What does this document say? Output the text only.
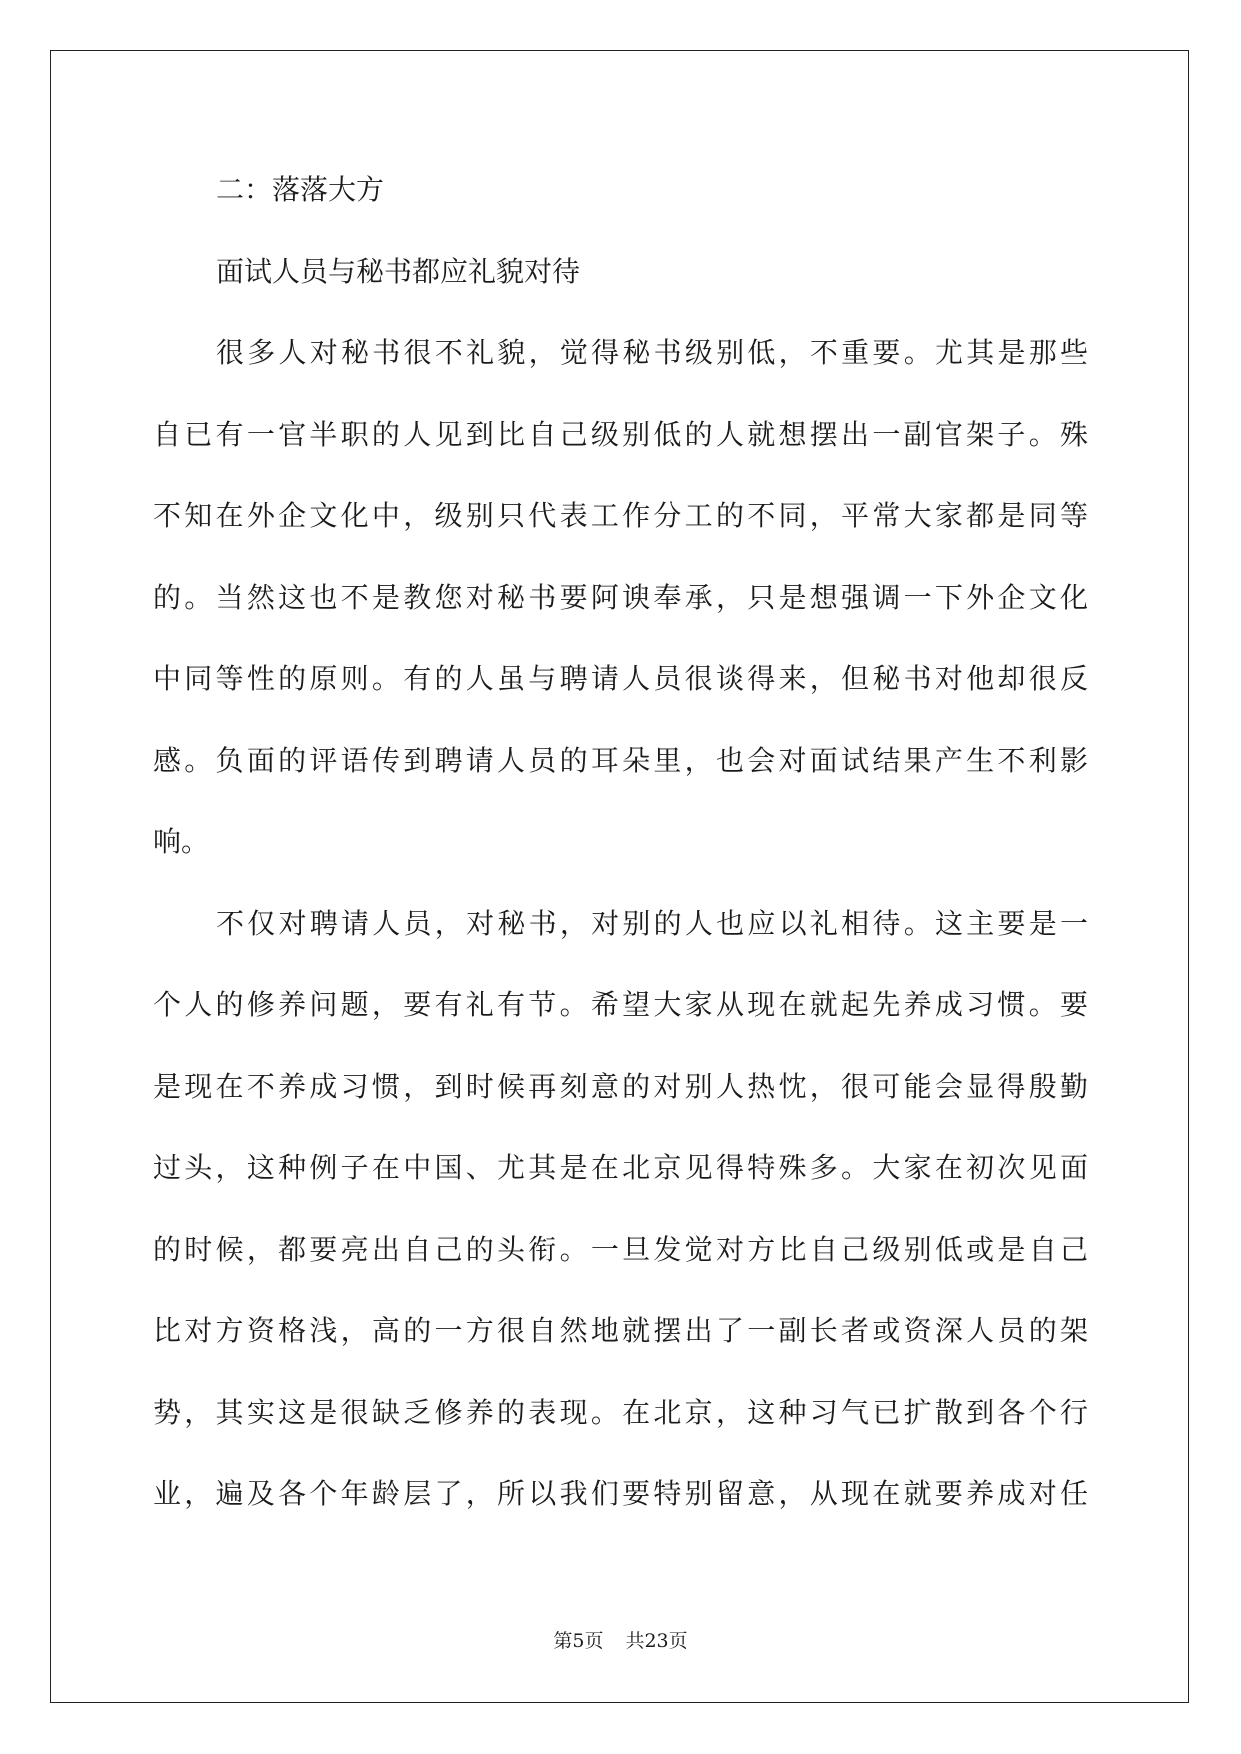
二：落落大方
面试人员与秘书都应礼貌对待
很多人对秘书很不礼貌，觉得秘书级别低，不重要。尤其是那些
自已有一官半职的人见到比自己级别低的人就想摆出一副官架子。殊
不知在外企文化中，级别只代表工作分工的不同，平常大家都是同等
的。当然这也不是教您对秘书要阿谀奉承，只是想强调一下外企文化
中同等性的原则。有的人虽与聘请人员很谈得来，但秘书对他却很反
感。负面的评语传到聘请人员的耳朵里，也会对面试结果产生不利影
响。
不仅对聘请人员，对秘书，对别的人也应以礼相待。这主要是一
个人的修养问题，要有礼有节。希望大家从现在就起先养成习惯。要
是现在不养成习惯，到时候再刻意的对别人热忱，很可能会显得殷勤
过头，这种例子在中国、尤其是在北京见得特殊多。大家在初次见面
的时候，都要亮出自己的头衔。一旦发觉对方比自己级别低或是自己
比对方资格浅，高的一方很自然地就摆出了一副长者或资深人员的架
势，其实这是很缺乏修养的表现。在北京，这种习气已扩散到各个行
业，遍及各个年龄层了，所以我们要特别留意，从现在就要养成对任
第5页 共23页
